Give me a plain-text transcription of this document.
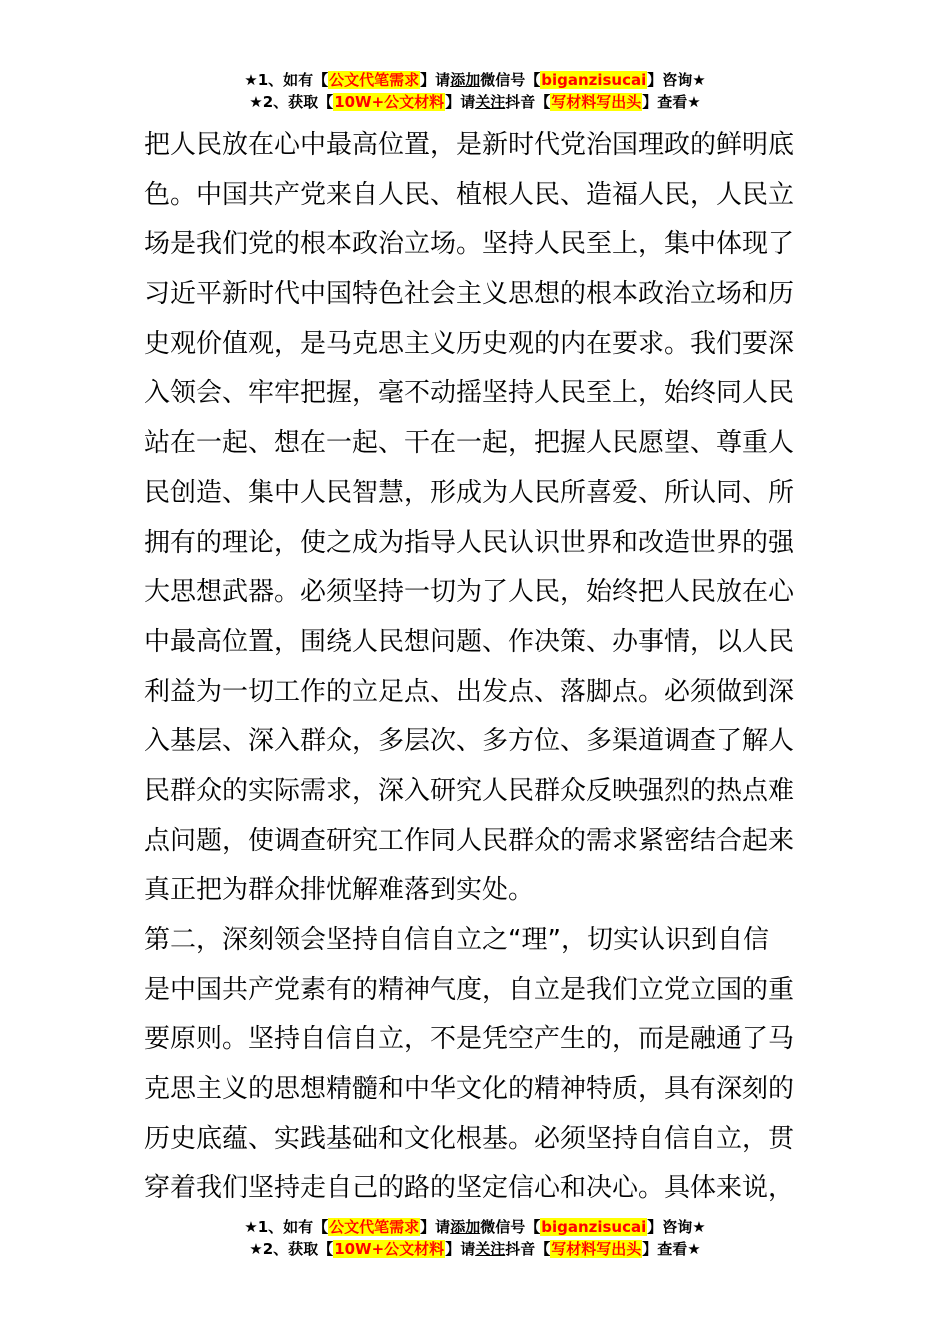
★1、如有【公文代笔需求】请添加微信号【biganzisucai】咨询★
★2、获取【10W+公文材料】请关注抖音【写材料写出头】查看★
把人民放在心中最高位置，是新时代党治国理政的鲜明底
色。中国共产党来自人民、植根人民、造福人民，人民立
场是我们党的根本政治立场。坚持人民至上，集中体现了
习近平新时代中国特色社会主义思想的根本政治立场和历
史观价值观，是马克思主义历史观的内在要求。我们要深
入领会、牢牢把握，毫不动摇坚持人民至上，始终同人民
站在一起、想在一起、干在一起，把握人民愿望、尊重人
民创造、集中人民智慧，形成为人民所喜爱、所认同、所
拥有的理论，使之成为指导人民认识世界和改造世界的强
大思想武器。必须坚持一切为了人民，始终把人民放在心
中最高位置，围绕人民想问题、作决策、办事情，以人民
利益为一切工作的立足点、出发点、落脚点。必须做到深
入基层、深入群众，多层次、多方位、多渠道调查了解人
民群众的实际需求，深入研究人民群众反映强烈的热点难
点问题，使调查研究工作同人民群众的需求紧密结合起来
真正把为群众排忧解难落到实处。
第二，深刻领会坚持自信自立之“理”，切实认识到自信
是中国共产党素有的精神气度，自立是我们立党立国的重
要原则。坚持自信自立，不是凭空产生的，而是融通了马
克思主义的思想精髓和中华文化的精神特质，具有深刻的
历史底蕴、实践基础和文化根基。必须坚持自信自立，贯
穿着我们坚持走自己的路的坚定信心和决心。具体来说，
★1、如有【公文代笔需求】请添加微信号【biganzisucai】咨询★
★2、获取【10W+公文材料】请关注抖音【写材料写出头】查看★
